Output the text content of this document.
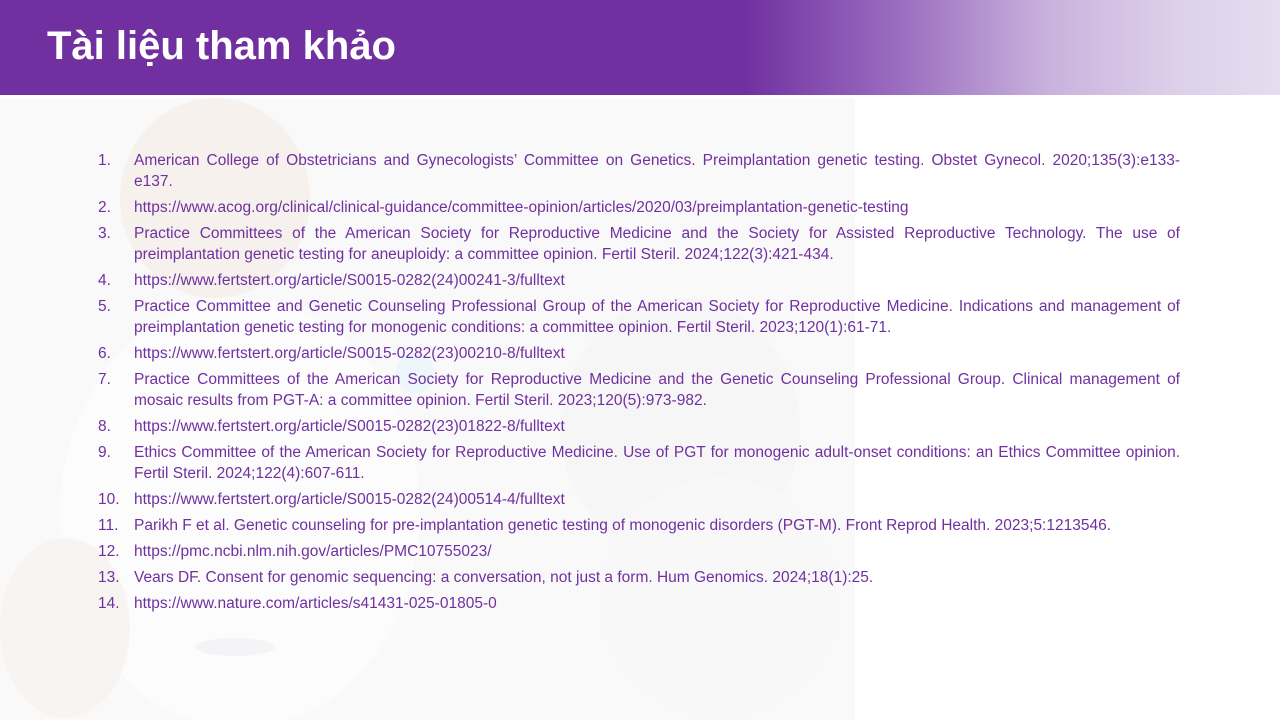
Tài liệu tham khảo
1.	American College of Obstetricians and Gynecologists’ Committee on Genetics. Preimplantation genetic testing. Obstet Gynecol. 2020;135(3):e133-e137.
2.	https://www.acog.org/clinical/clinical-guidance/committee-opinion/articles/2020/03/preimplantation-genetic-testing
3.	Practice Committees of the American Society for Reproductive Medicine and the Society for Assisted Reproductive Technology. The use of preimplantation genetic testing for aneuploidy: a committee opinion. Fertil Steril. 2024;122(3):421-434.
4.	https://www.fertstert.org/article/S0015-0282(24)00241-3/fulltext
5.	Practice Committee and Genetic Counseling Professional Group of the American Society for Reproductive Medicine. Indications and management of preimplantation genetic testing for monogenic conditions: a committee opinion. Fertil Steril. 2023;120(1):61-71.
6.	https://www.fertstert.org/article/S0015-0282(23)00210-8/fulltext
7.	Practice Committees of the American Society for Reproductive Medicine and the Genetic Counseling Professional Group. Clinical management of mosaic results from PGT-A: a committee opinion. Fertil Steril. 2023;120(5):973-982.
8.	https://www.fertstert.org/article/S0015-0282(23)01822-8/fulltext
9.	Ethics Committee of the American Society for Reproductive Medicine. Use of PGT for monogenic adult-onset conditions: an Ethics Committee opinion. Fertil Steril. 2024;122(4):607-611.
10. https://www.fertstert.org/article/S0015-0282(24)00514-4/fulltext
11.	Parikh F et al. Genetic counseling for pre-implantation genetic testing of monogenic disorders (PGT-M). Front Reprod Health. 2023;5:1213546.
12. https://pmc.ncbi.nlm.nih.gov/articles/PMC10755023/
13. Vears DF. Consent for genomic sequencing: a conversation, not just a form. Hum Genomics. 2024;18(1):25.
14. https://www.nature.com/articles/s41431-025-01805-0
